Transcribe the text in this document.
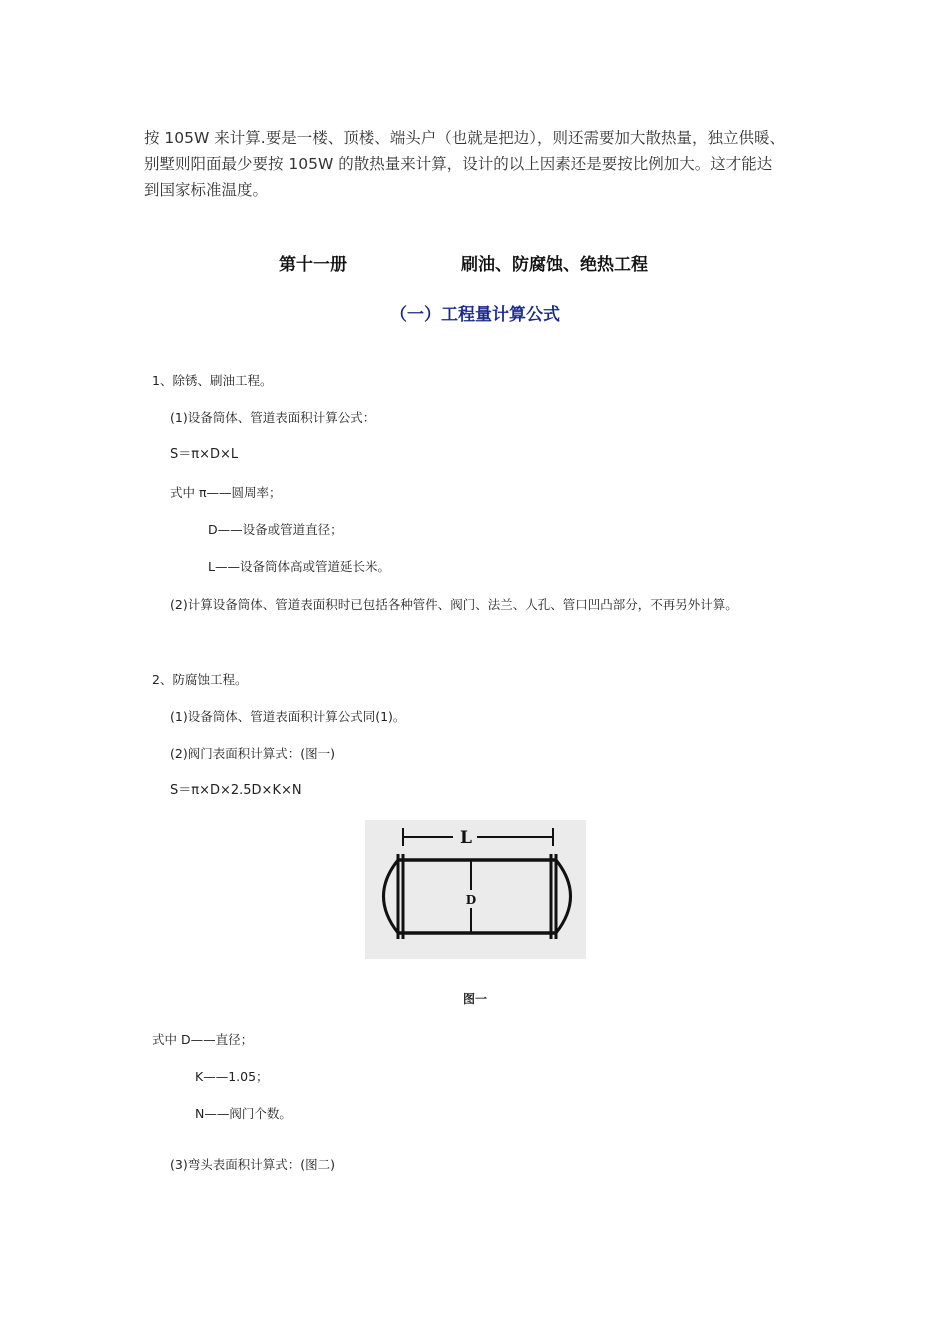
按 105W 来计算.要是一楼、顶楼、端头户（也就是把边），则还需要加大散热量，独立供暖、

别墅则阳面最少要按 105W 的散热量来计算，设计的以上因素还是要按比例加大。这才能达

到国家标准温度。

第十一册	刷油、防腐蚀、绝热工程
（一）工程量计算公式
1、除锈、刷油工程。
(1)设备筒体、管道表面积计算公式：
S＝π×D×L
式中 π——圆周率；
D——设备或管道直径；
L——设备筒体高或管道延长米。
(2)计算设备筒体、管道表面积时已包括各种管件、阀门、法兰、人孔、管口凹凸部分，不再另外计算。
2、防腐蚀工程。
(1)设备筒体、管道表面积计算公式同(1)。
(2)阀门表面积计算式：(图一)
S＝π×D×2.5D×K×N
L
D
图一
式中 D——直径；
K——1.05；
N——阀门个数。
(3)弯头表面积计算式：(图二)
